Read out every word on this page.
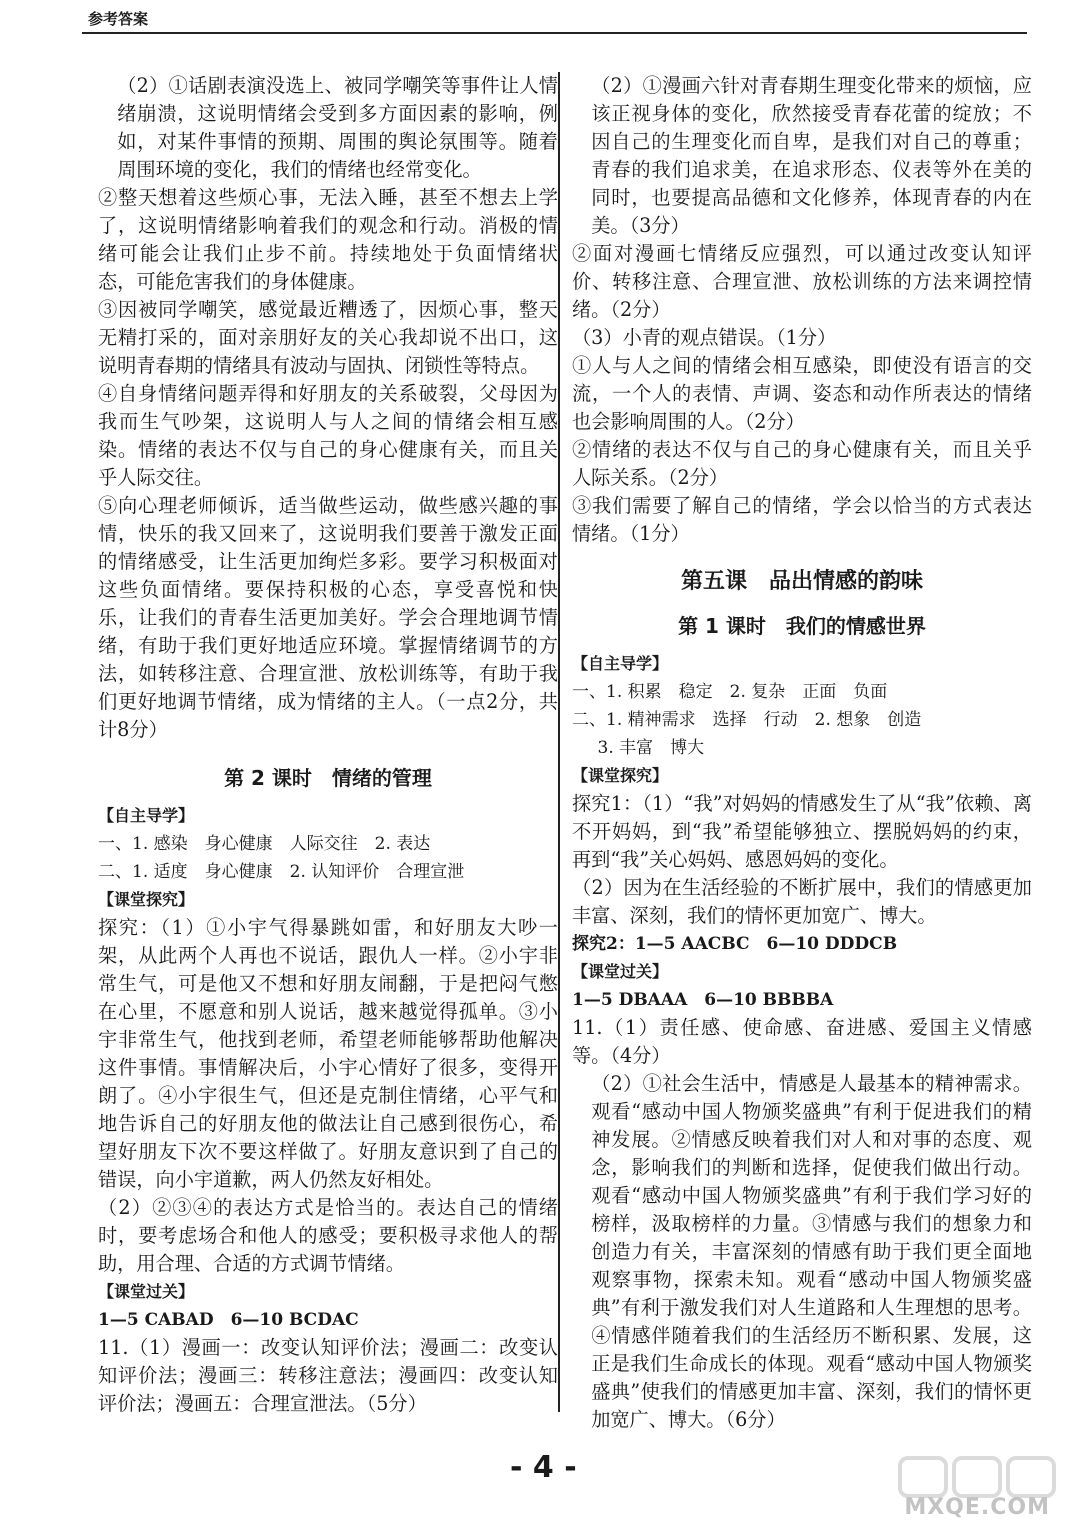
参考答案

（2）①话剧表演没选上、被同学嘲笑等事件让人情绪崩溃，这说明情绪会受到多方面因素的影响，例如，对某件事情的预期、周围的舆论氛围等。随着周围环境的变化，我们的情绪也经常变化。

②整天想着这些烦心事，无法入睡，甚至不想去上学了，这说明情绪影响着我们的观念和行动。消极的情绪可能会让我们止步不前。持续地处于负面情绪状态，可能危害我们的身体健康。

③因被同学嘲笑，感觉最近糟透了，因烦心事，整天无精打采的，面对亲朋好友的关心我却说不出口，这说明青春期的情绪具有波动与固执、闭锁性等特点。

④自身情绪问题弄得和好朋友的关系破裂，父母因为我而生气吵架，这说明人与人之间的情绪会相互感染。情绪的表达不仅与自己的身心健康有关，而且关乎人际交往。

⑤向心理老师倾诉，适当做些运动，做些感兴趣的事情，快乐的我又回来了，这说明我们要善于激发正面的情绪感受，让生活更加绚烂多彩。要学习积极面对这些负面情绪。要保持积极的心态，享受喜悦和快乐，让我们的青春生活更加美好。学会合理地调节情绪，有助于我们更好地适应环境。掌握情绪调节的方法，如转移注意、合理宣泄、放松训练等，有助于我们更好地调节情绪，成为情绪的主人。（一点2分，共计8分）

第 2 课时　情绪的管理

【自主导学】

一、1. 感染　身心健康　人际交往　2. 表达

二、1. 适度　身心健康　2. 认知评价　合理宣泄

【课堂探究】

探究：（1）①小宇气得暴跳如雷，和好朋友大吵一架，从此两个人再也不说话，跟仇人一样。②小宇非常生气，可是他又不想和好朋友闹翻，于是把闷气憋在心里，不愿意和别人说话，越来越觉得孤单。③小宇非常生气，他找到老师，希望老师能够帮助他解决这件事情。事情解决后，小宇心情好了很多，变得开朗了。④小宇很生气，但还是克制住情绪，心平气和地告诉自己的好朋友他的做法让自己感到很伤心，希望好朋友下次不要这样做了。好朋友意识到了自己的错误，向小宇道歉，两人仍然友好相处。

（2）②③④的表达方式是恰当的。表达自己的情绪时，要考虑场合和他人的感受；要积极寻求他人的帮助，用合理、合适的方式调节情绪。

【课堂过关】

1—5 CABAD　6—10 BCDAC

11.（1）漫画一：改变认知评价法；漫画二：改变认知评价法；漫画三：转移注意法；漫画四：改变认知评价法；漫画五：合理宣泄法。（5分）

（2）①漫画六针对青春期生理变化带来的烦恼，应该正视身体的变化，欣然接受青春花蕾的绽放；不因自己的生理变化而自卑，是我们对自己的尊重；青春的我们追求美，在追求形态、仪表等外在美的同时，也要提高品德和文化修养，体现青春的内在美。（3分）

②面对漫画七情绪反应强烈，可以通过改变认知评价、转移注意、合理宣泄、放松训练的方法来调控情绪。（2分）

（3）小青的观点错误。（1分）

①人与人之间的情绪会相互感染，即使没有语言的交流，一个人的表情、声调、姿态和动作所表达的情绪也会影响周围的人。（2分）

②情绪的表达不仅与自己的身心健康有关，而且关乎人际关系。（2分）

③我们需要了解自己的情绪，学会以恰当的方式表达情绪。（1分）

第五课　品出情感的韵味
第 1 课时　我们的情感世界

【自主导学】

一、1. 积累　稳定　2. 复杂　正面　负面

二、1. 精神需求　选择　行动　2. 想象　创造

3. 丰富　博大

【课堂探究】

探究1：（1）“我”对妈妈的情感发生了从“我”依赖、离不开妈妈，到“我”希望能够独立、摆脱妈妈的约束，再到“我”关心妈妈、感恩妈妈的变化。

（2）因为在生活经验的不断扩展中，我们的情感更加丰富、深刻，我们的情怀更加宽广、博大。

探究2：1—5 AACBC　6—10 DDDCB

【课堂过关】

1—5 DBAAA　6—10 BBBBA

11.（1）责任感、使命感、奋进感、爱国主义情感等。（4分）

（2）①社会生活中，情感是人最基本的精神需求。观看“感动中国人物颁奖盛典”有利于促进我们的精神发展。②情感反映着我们对人和对事的态度、观念，影响我们的判断和选择，促使我们做出行动。观看“感动中国人物颁奖盛典”有利于我们学习好的榜样，汲取榜样的力量。③情感与我们的想象力和创造力有关，丰富深刻的情感有助于我们更全面地观察事物，探索未知。观看“感动中国人物颁奖盛典”有利于激发我们对人生道路和人生理想的思考。④情感伴随着我们的生活经历不断积累、发展，这正是我们生命成长的体现。观看“感动中国人物颁奖盛典”使我们的情感更加丰富、深刻，我们的情怀更加宽广、博大。（6分）

- 4 -
MXQE.COM
